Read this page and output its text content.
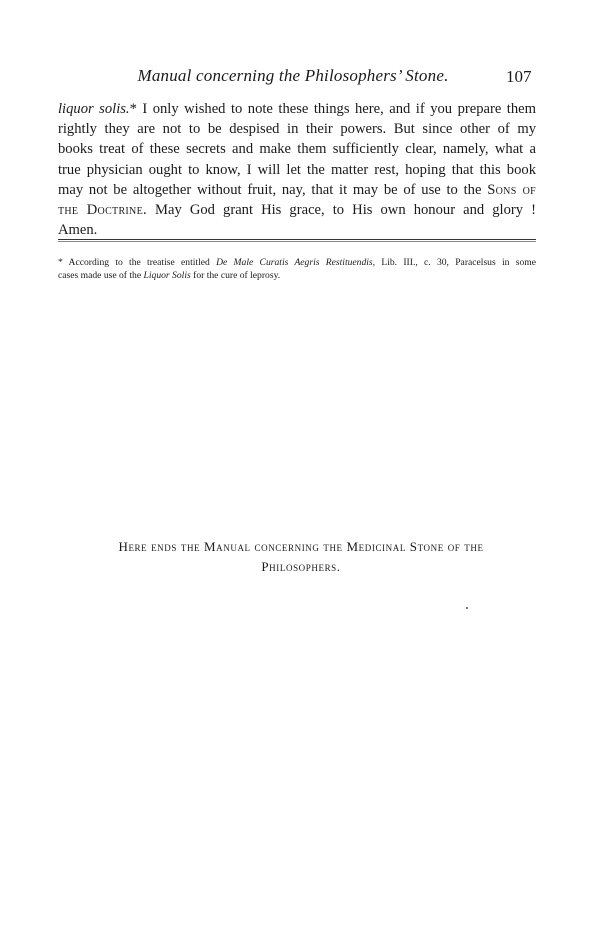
Manual concerning the Philosophers’ Stone.	107
liquor solis.* I only wished to note these things here, and if you prepare them
rightly they are not to be despised in their powers. But since other of my
books treat of these secrets and make them sufficiently clear, namely, what a
true physician ought to know, I will let the matter rest, hoping that this book
may not be altogether without fruit, nay, that it may be of use to the Sons of
the Doctrine. May God grant His grace, to His own honour and glory !
Amen.
* According to the treatise entitled De Male Curatis Aegris Restituendis, Lib. III., c. 30, Paracelsus in some
cases made use of the Liquor Solis for the cure of leprosy.
Here ends the Manual concerning the Medicinal Stone of the
Philosophers.
